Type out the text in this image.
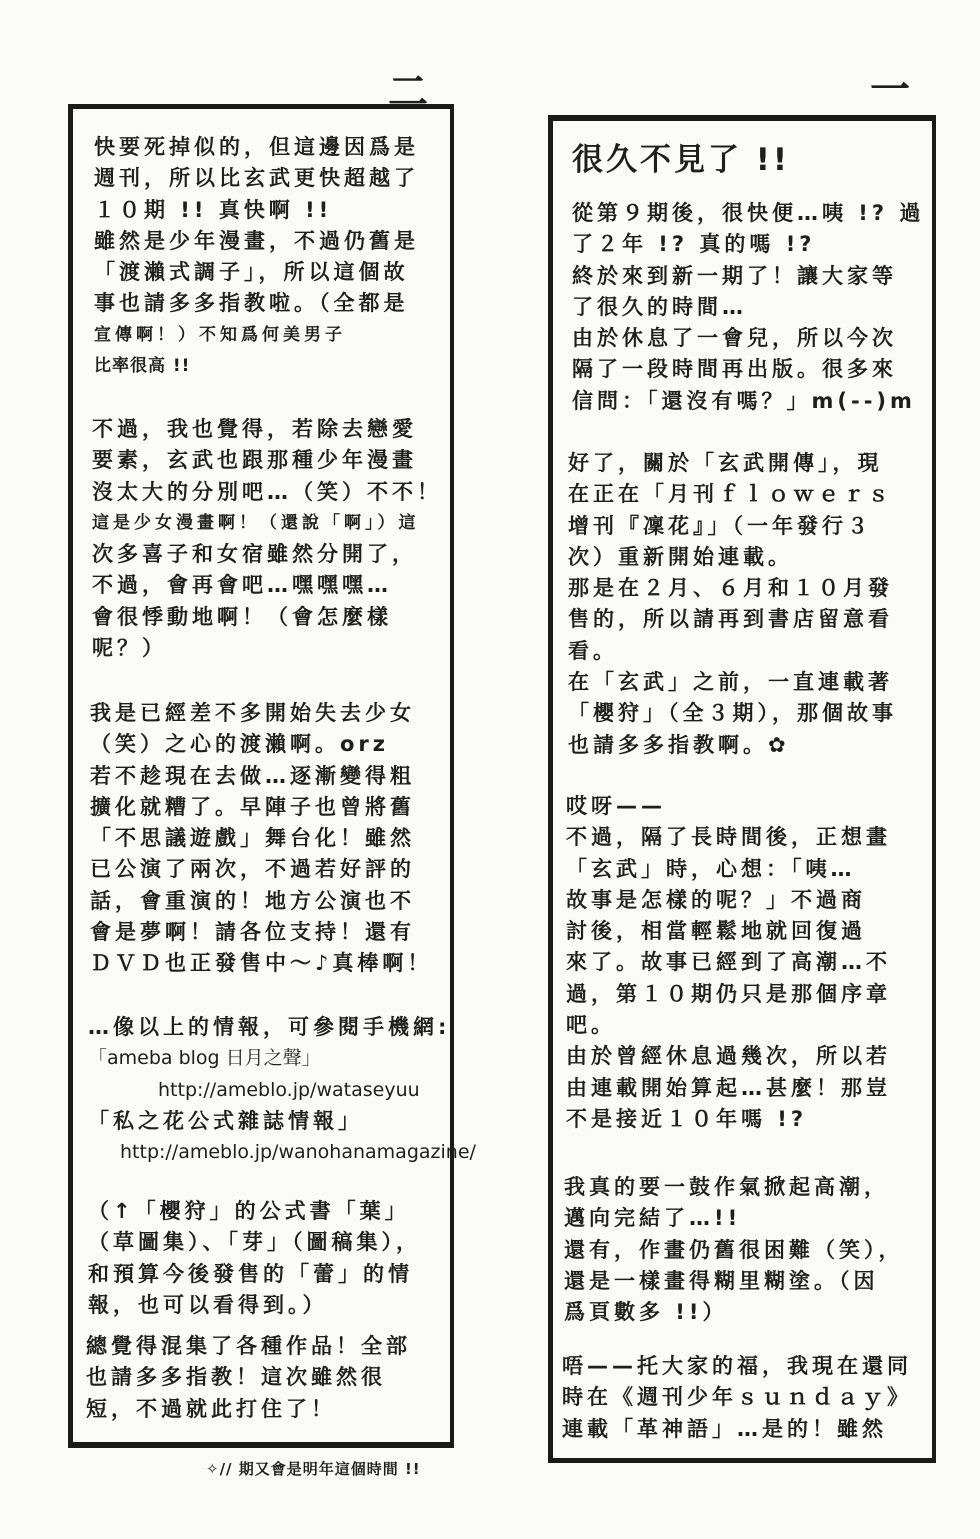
二	一
快要死掉似的，但這邊因爲是
週刊，所以比玄武更快超越了
１０期 !! 真快啊 !!
雖然是少年漫畫，不過仍舊是
「渡瀨式調子」，所以這個故
事也請多多指教啦。（全都是
宣傳啊！）不知爲何美男子
比率很高 !!
不過，我也覺得，若除去戀愛
要素，玄武也跟那種少年漫畫
沒太大的分別吧…（笑）不不！
這是少女漫畫啊！（還說「啊」）這
次多喜子和女宿雖然分開了，
不過，會再會吧…嘿嘿嘿…
會很悸動地啊！（會怎麼樣
呢？）
我是已經差不多開始失去少女
（笑）之心的渡瀨啊。orz
若不趁現在去做…逐漸變得粗
擴化就糟了。早陣子也曾將舊
「不思議遊戲」舞台化！雖然
已公演了兩次，不過若好評的
話，會重演的！地方公演也不
會是夢啊！請各位支持！還有
ＤＶＤ也正發售中～♪真棒啊！
…像以上的情報，可參閱手機網:
「ameba blog 日月之聲」
http://ameblo.jp/wataseyuu
「私之花公式雜誌情報」
http://ameblo.jp/wanohanamagazine/
（↑「櫻狩」的公式書「葉」
（草圖集）、「芽」（圖稿集），
和預算今後發售的「蕾」的情
報，也可以看得到。）
總覺得混集了各種作品！全部
也請多多指教！這次雖然很
短，不過就此打住了！
很久不見了 !!
從第９期後，很快便…咦 !? 過
了２年 !? 真的嗎 !?
終於來到新一期了！讓大家等
了很久的時間…
由於休息了一會兒，所以今次
隔了一段時間再出版。很多來
信問：「還沒有嗎？」m(--)m
好了，關於「玄武開傳」，現
在正在「月刊ｆｌｏｗｅｒｓ
增刊『凜花』」（一年發行３
次）重新開始連載。
那是在２月、６月和１０月發
售的，所以請再到書店留意看
看。
在「玄武」之前，一直連載著
「櫻狩」（全３期），那個故事
也請多多指教啊。✿
哎呀——
不過，隔了長時間後，正想畫
「玄武」時，心想：「咦…
故事是怎樣的呢？」不過商
討後，相當輕鬆地就回復過
來了。故事已經到了高潮…不
過，第１０期仍只是那個序章
吧。
由於曾經休息過幾次，所以若
由連載開始算起…甚麼！那豈
不是接近１０年嗎 !?
我真的要一鼓作氣掀起高潮，
邁向完結了…!!
還有，作畫仍舊很困難（笑），
還是一樣畫得糊里糊塗。（因
爲頁數多 !!）
唔——托大家的福，我現在還同
時在《週刊少年ｓｕｎｄａｙ》
連載「革神語」…是的！雖然
✧// 期又會是明年這個時間 !!
